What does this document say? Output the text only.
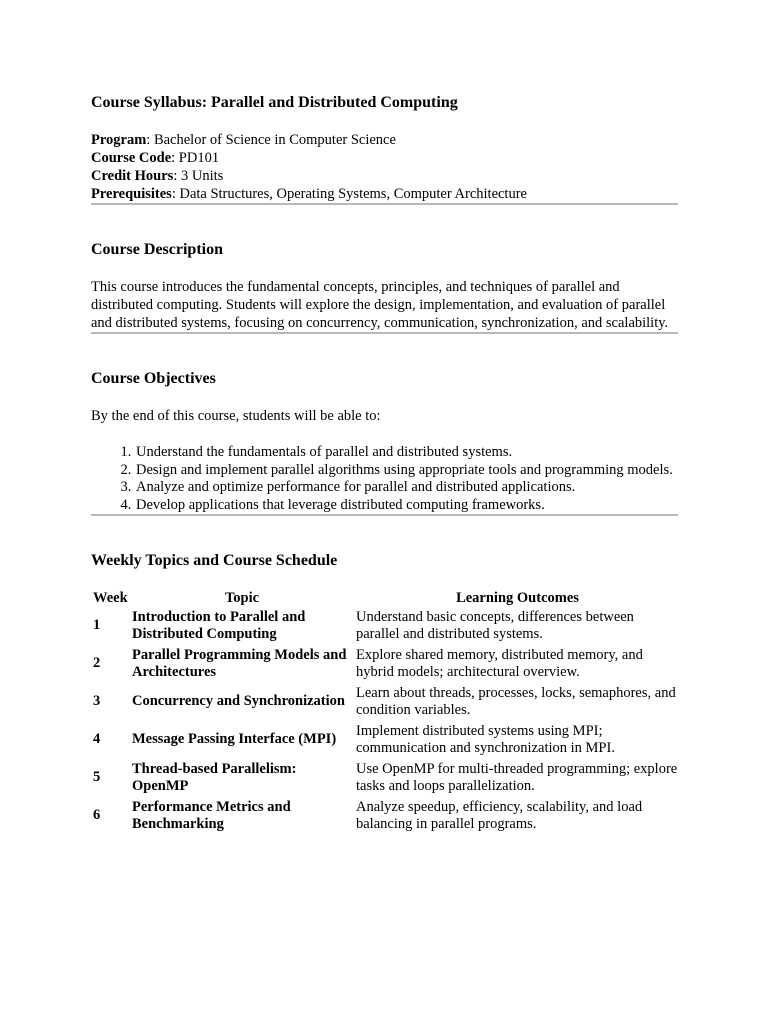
Course Syllabus: Parallel and Distributed Computing
Program: Bachelor of Science in Computer Science
Course Code: PD101
Credit Hours: 3 Units
Prerequisites: Data Structures, Operating Systems, Computer Architecture
Course Description

This course introduces the fundamental concepts, principles, and techniques of parallel and distributed computing. Students will explore the design, implementation, and evaluation of parallel and distributed systems, focusing on concurrency, communication, synchronization, and scalability.

Course Objectives

By the end of this course, students will be able to:

1. Understand the fundamentals of parallel and distributed systems.
2. Design and implement parallel algorithms using appropriate tools and programming models.
3. Analyze and optimize performance for parallel and distributed applications.
4. Develop applications that leverage distributed computing frameworks.
Weekly Topics and Course Schedule
Week	Topic	Learning Outcomes
1	Introduction to Parallel and Distributed Computing	Understand basic concepts, differences between parallel and distributed systems.
2	Parallel Programming Models and Architectures	Explore shared memory, distributed memory, and hybrid models; architectural overview.
3	Concurrency and Synchronization	Learn about threads, processes, locks, semaphores, and condition variables.
4	Message Passing Interface (MPI)	Implement distributed systems using MPI; communication and synchronization in MPI.
5	Thread-based Parallelism: OpenMP	Use OpenMP for multi-threaded programming; explore tasks and loops parallelization.
6	Performance Metrics and Benchmarking	Analyze speedup, efficiency, scalability, and load balancing in parallel programs.
